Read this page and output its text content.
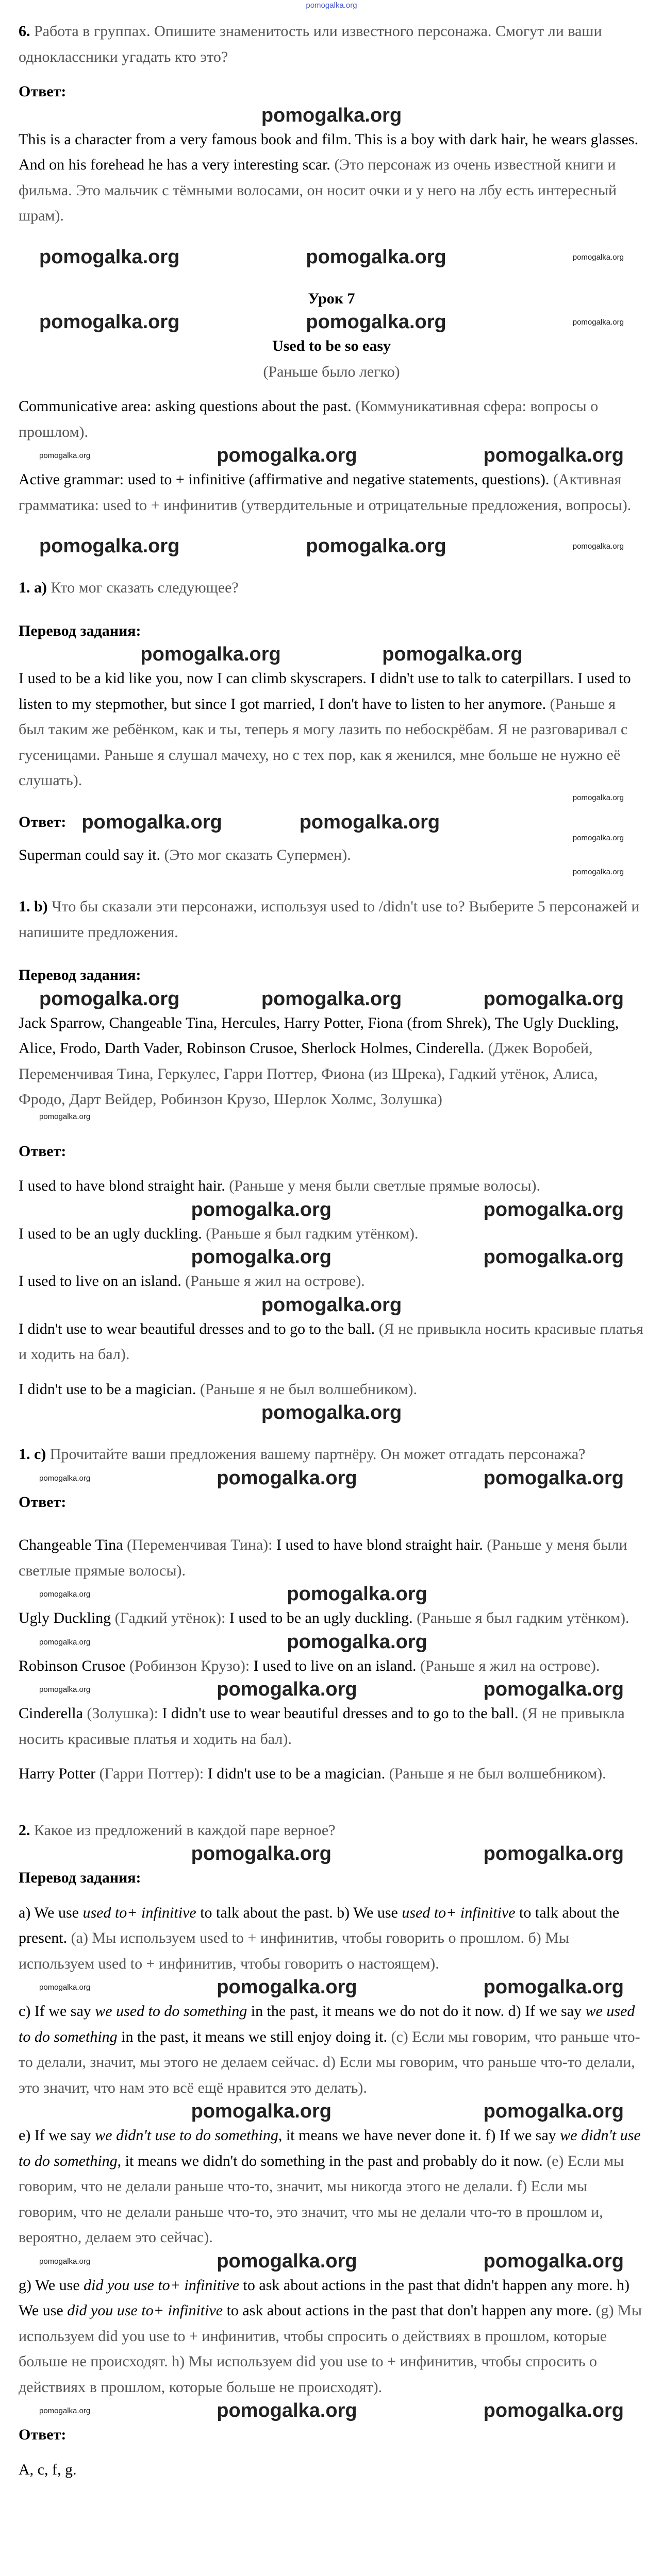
pomogalka.org

6. Работа в группах. Опишите знаменитость или известного персонажа. Смогут ли ваши одноклассники угадать кто это?

Ответ:

pomogalka.org

This is a character from a very famous book and film. This is a boy with dark hair, he wears glasses. And on his forehead he has a very interesting scar. (Это персонаж из очень известной книги и фильма. Это мальчик с тёмными волосами, он носит очки и у него на лбу есть интересный шрам).

pomogalka.org	pomogalka.org	pomogalka.org

Урок 7

pomogalka.org	pomogalka.org	pomogalka.org

Used to be so easy

(Раньше было легко)

Communicative area: asking questions about the past. (Коммуникативная сфера: вопросы о прошлом).

pomogalka.org	pomogalka.org	pomogalka.org

Active grammar: used to + infinitive (affirmative and negative statements, questions). (Активная грамматика: used to + инфинитив (утвердительные и отрицательные предложения, вопросы).

pomogalka.org	pomogalka.org	pomogalka.org

1. a) Кто мог сказать следующее?

Перевод задания:

pomogalka.org	pomogalka.org

I used to be a kid like you, now I can climb skyscrapers. I didn't use to talk to caterpillars. I used to listen to my stepmother, but since I got married, I don't have to listen to her anymore. (Раньше я был таким же ребёнком, как и ты, теперь я могу лазить по небоскрёбам. Я не разговаривал с гусеницами. Раньше я слушал мачеху, но с тех пор, как я женился, мне больше не нужно её слушать).

pomogalka.org
Ответ: pomogalka.org	pomogalka.org
pomogalka.org

Superman could say it. (Это мог сказать Супермен).

pomogalka.org

1. b) Что бы сказали эти персонажи, используя used to /didn't use to? Выберите 5 персонажей и напишите предложения.

Перевод задания:

pomogalka.org	pomogalka.org	pomogalka.org

Jack Sparrow, Changeable Tina, Hercules, Harry Potter, Fiona (from Shrek), The Ugly Duckling, Alice, Frodo, Darth Vader, Robinson Crusoe, Sherlock Holmes, Cinderella. (Джек Воробей, Переменчивая Тина, Геркулес, Гарри Поттер, Фиона (из Шрека), Гадкий утёнок, Алиса, Фродо, Дарт Вейдер, Робинзон Крузо, Шерлок Холмс, Золушка)

pomogalka.org

Ответ:

I used to have blond straight hair. (Раньше у меня были светлые прямые волосы).

pomogalka.org	pomogalka.org

I used to be an ugly duckling. (Раньше я был гадким утёнком).

pomogalka.org	pomogalka.org

I used to live on an island. (Раньше я жил на острове).

pomogalka.org

I didn't use to wear beautiful dresses and to go to the ball. (Я не привыкла носить красивые платья и ходить на бал).

I didn't use to be a magician. (Раньше я не был волшебником).

pomogalka.org

1. c) Прочитайте ваши предложения вашему партнёру. Он может отгадать персонажа?

pomogalka.org	pomogalka.org	pomogalka.org

Ответ:

Changeable Tina (Переменчивая Тина): I used to have blond straight hair. (Раньше у меня были светлые прямые волосы).

pomogalka.org	pomogalka.org

Ugly Duckling (Гадкий утёнок): I used to be an ugly duckling. (Раньше я был гадким утёнком).

pomogalka.org	pomogalka.org

Robinson Crusoe (Робинзон Крузо): I used to live on an island. (Раньше я жил на острове).

pomogalka.org	pomogalka.org	pomogalka.org

Cinderella (Золушка): I didn't use to wear beautiful dresses and to go to the ball. (Я не привыкла носить красивые платья и ходить на бал).

Harry Potter (Гарри Поттер): I didn't use to be a magician. (Раньше я не был волшебником).

2. Какое из предложений в каждой паре верное?

pomogalka.org	pomogalka.org

Перевод задания:

a) We use used to+ infinitive to talk about the past. b) We use used to+ infinitive to talk about the present. (а) Мы используем used to + инфинитив, чтобы говорить о прошлом. б) Мы используем used to + инфинитив, чтобы говорить о настоящем).

pomogalka.org	pomogalka.org	pomogalka.org

c) If we say we used to do something in the past, it means we do not do it now. d) If we say we used to do something in the past, it means we still enjoy doing it. (с) Если мы говорим, что раньше что-то делали, значит, мы этого не делаем сейчас. d) Если мы говорим, что раньше что-то делали, это значит, что нам это всё ещё нравится это делать).

pomogalka.org	pomogalka.org

e) If we say we didn't use to do something, it means we have never done it. f) If we say we didn't use to do something, it means we didn't do something in the past and probably do it now. (е) Если мы говорим, что не делали раньше что-то, значит, мы никогда этого не делали. f) Если мы говорим, что не делали раньше что-то, это значит, что мы не делали что-то в прошлом и, вероятно, делаем это сейчас).

pomogalka.org	pomogalka.org	pomogalka.org

g) We use did you use to+ infinitive to ask about actions in the past that didn't happen any more. h) We use did you use to+ infinitive to ask about actions in the past that don't happen any more. (g) Мы используем did you use to + инфинитив, чтобы спросить о действиях в прошлом, которые больше не происходят. h) Мы используем did you use to + инфинитив, чтобы спросить о действиях в прошлом, которые больше не происходят).

pomogalka.org	pomogalka.org	pomogalka.org

Ответ:

A, c, f, g.
